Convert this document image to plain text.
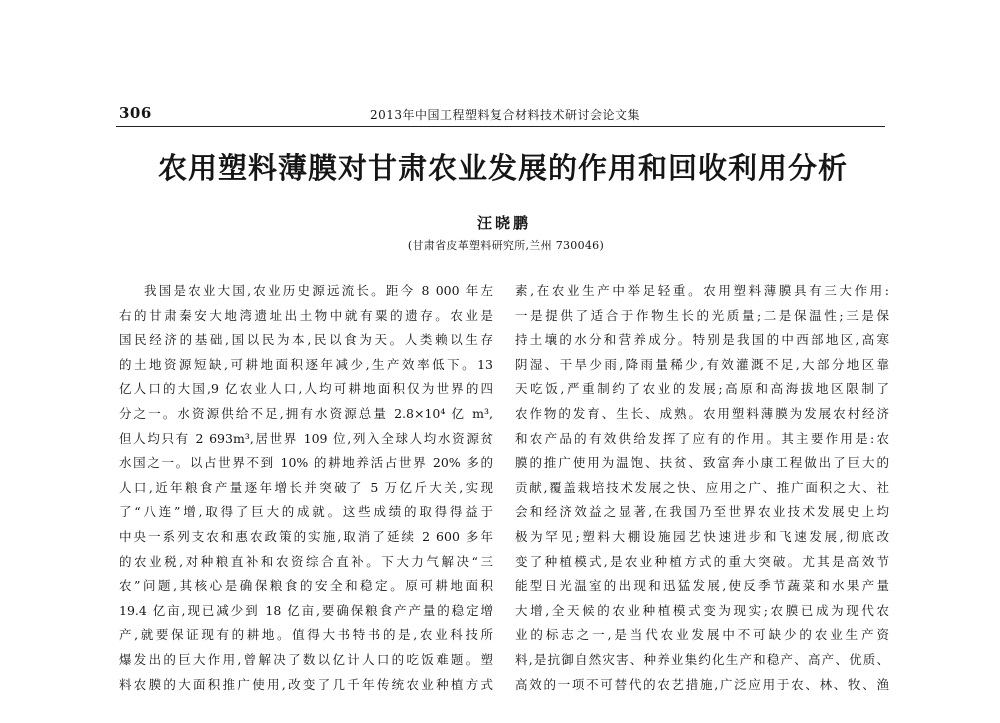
306	2013年中国工程塑料复合材料技术研讨会论文集
农用塑料薄膜对甘肃农业发展的作用和回收利用分析
汪晓鹏
(甘肃省皮革塑料研究所,兰州 730046)
我国是农业大国,农业历史源远流长。距今 8 000 年左
右的甘肃秦安大地湾遗址出土物中就有粟的遗存。农业是
国民经济的基础,国以民为本,民以食为天。人类赖以生存
的土地资源短缺,可耕地面积逐年减少,生产效率低下。13
亿人口的大国,9 亿农业人口,人均可耕地面积仅为世界的四
分之一。水资源供给不足,拥有水资源总量 2.8×10⁴ 亿 m³,
但人均只有 2 693m³,居世界 109 位,列入全球人均水资源贫
水国之一。以占世界不到 10% 的耕地养活占世界 20% 多的
人口,近年粮食产量逐年增长并突破了 5 万亿斤大关,实现
了“八连”增,取得了巨大的成就。这些成绩的取得得益于
中央一系列支农和惠农政策的实施,取消了延续 2 600 多年
的农业税,对种粮直补和农资综合直补。下大力气解决“三
农”问题,其核心是确保粮食的安全和稳定。原可耕地面积
19.4 亿亩,现已减少到 18 亿亩,要确保粮食产产量的稳定增
产,就要保证现有的耕地。值得大书特书的是,农业科技所
爆发出的巨大作用,曾解决了数以亿计人口的吃饭难题。塑
料农膜的大面积推广使用,改变了几千年传统农业种植方式
素,在农业生产中举足轻重。农用塑料薄膜具有三大作用:
一是提供了适合于作物生长的光质量;二是保温性;三是保
持土壤的水分和营养成分。特别是我国的中西部地区,高寒
阴湿、干旱少雨,降雨量稀少,有效灌溉不足,大部分地区靠
天吃饭,严重制约了农业的发展;高原和高海拔地区限制了
农作物的发育、生长、成熟。农用塑料薄膜为发展农村经济
和农产品的有效供给发挥了应有的作用。其主要作用是:农
膜的推广使用为温饱、扶贫、致富奔小康工程做出了巨大的
贡献,覆盖栽培技术发展之快、应用之广、推广面积之大、社
会和经济效益之显著,在我国乃至世界农业技术发展史上均
极为罕见;塑料大棚设施园艺快速进步和飞速发展,彻底改
变了种植模式,是农业种植方式的重大突破。尤其是高效节
能型日光温室的出现和迅猛发展,使反季节蔬菜和水果产量
大增,全天候的农业种植模式变为现实;农膜已成为现代农
业的标志之一,是当代农业发展中不可缺少的农业生产资
料,是抗御自然灾害、种养业集约化生产和稳产、高产、优质、
高效的一项不可替代的农艺措施,广泛应用于农、林、牧、渔
